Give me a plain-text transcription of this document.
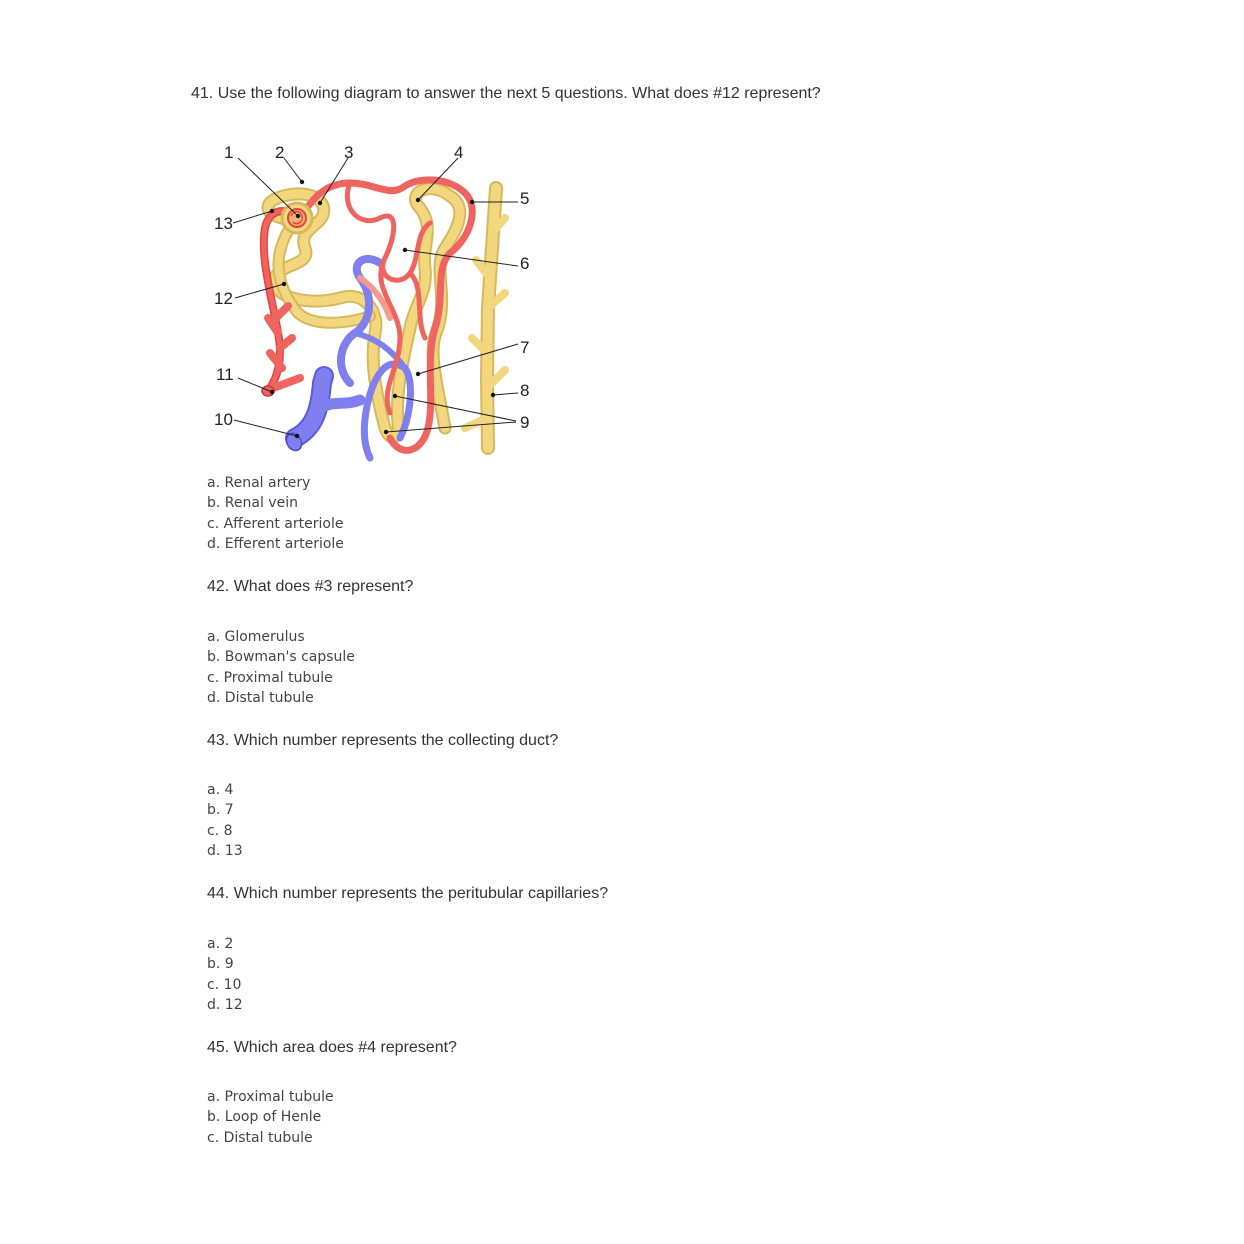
41. Use the following diagram to answer the next 5 questions. What does #12 represent?
1 2	3	4
5
6
7
8
9
10
11
12
13
a. Renal artery
b. Renal vein
c. Afferent arteriole
d. Efferent arteriole
42. What does #3 represent?
a. Glomerulus
b. Bowman's capsule
c. Proximal tubule
d. Distal tubule
43. Which number represents the collecting duct?
a. 4
b. 7
c. 8
d. 13
44. Which number represents the peritubular capillaries?
a. 2
b. 9
c. 10
d. 12
45. Which area does #4 represent?
a. Proximal tubule
b. Loop of Henle
c. Distal tubule
